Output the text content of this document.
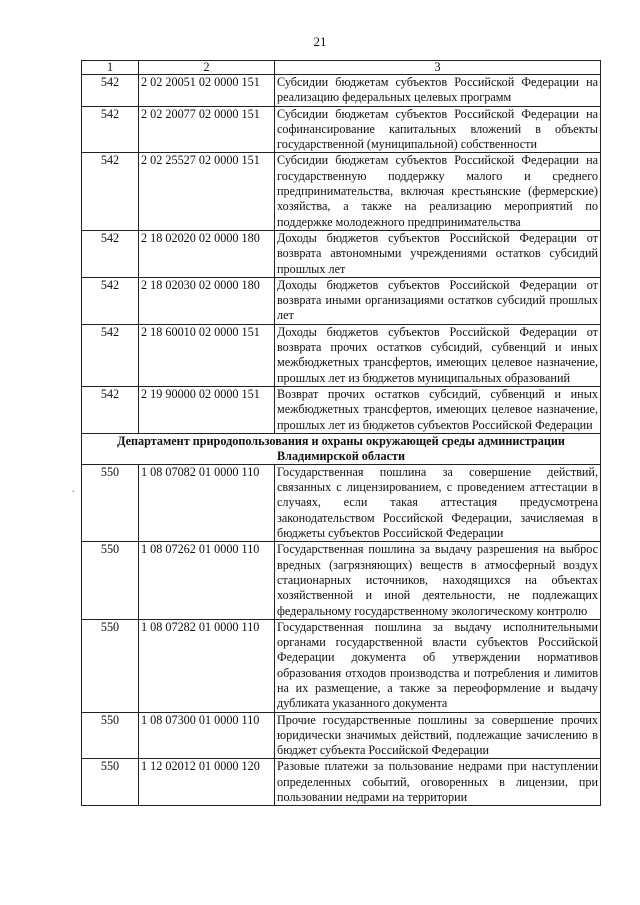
21
.
1	2	3
542	2 02 20051 02 0000 151	Субсидии бюджетам субъектов Российской Федерации на реализацию федеральных целевых программ
542	2 02 20077 02 0000 151	Субсидии бюджетам субъектов Российской Федерации на софинансирование капитальных вложений в объекты государственной (муниципальной) собственности
542	2 02 25527 02 0000 151	Субсидии бюджетам субъектов Российской Федерации на государственную поддержку малого и среднего предпринимательства, включая крестьянские (фермерские) хозяйства, а также на реализацию мероприятий по поддержке молодежного предпринимательства
542	2 18 02020 02 0000 180	Доходы бюджетов субъектов Российской Федерации от возврата автономными учреждениями остатков субсидий прошлых лет
542	2 18 02030 02 0000 180	Доходы бюджетов субъектов Российской Федерации от возврата иными организациями остатков субсидий прошлых лет
542	2 18 60010 02 0000 151	Доходы бюджетов субъектов Российской Федерации от возврата прочих остатков субсидий, субвенций и иных межбюджетных трансфертов, имеющих целевое назначение, прошлых лет из бюджетов муниципальных образований
542	2 19 90000 02 0000 151	Возврат прочих остатков субсидий, субвенций и иных межбюджетных трансфертов, имеющих целевое назначение, прошлых лет из бюджетов субъектов Российской Федерации
Департамент природопользования и охраны окружающей среды администрации Владимирской области		
550	1 08 07082 01 0000 110	Государственная пошлина за совершение действий, связанных с лицензированием, с проведением аттестации в случаях, если такая аттестация предусмотрена законодательством Российской Федерации, зачисляемая в бюджеты субъектов Российской Федерации
550	1 08 07262 01 0000 110	Государственная пошлина за выдачу разрешения на выброс вредных (загрязняющих) веществ в атмосферный воздух стационарных источников, находящихся на объектах хозяйственной и иной деятельности, не подлежащих федеральному государственному экологическому контролю
550	1 08 07282 01 0000 110	Государственная пошлина за выдачу исполнительными органами государственной власти субъектов Российской Федерации документа об утверждении нормативов образования отходов производства и потребления и лимитов на их размещение, а также за переоформление и выдачу дубликата указанного документа
550	1 08 07300 01 0000 110	Прочие государственные пошлины за совершение прочих юридически значимых действий, подлежащие зачислению в бюджет субъекта Российской Федерации
550	1 12 02012 01 0000 120	Разовые платежи за пользование недрами при наступлении определенных событий, оговоренных в лицензии, при пользовании недрами на территории
